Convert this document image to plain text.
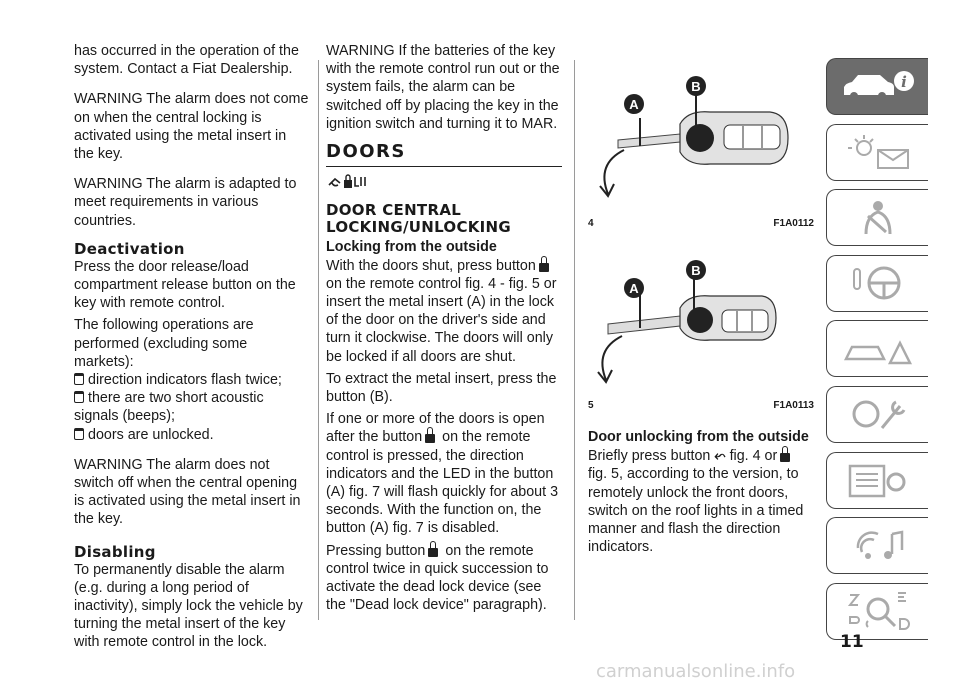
has occurred in the operation of the system. Contact a Fiat Dealership.

WARNING The alarm does not come on when the central locking is activated using the metal insert in the key.

WARNING The alarm is adapted to meet requirements in various countries.

Deactivation

Press the door release/load compartment release button on the key with remote control.

The following operations are performed (excluding some markets):

direction indicators flash twice;

there are two short acoustic signals (beeps);

doors are unlocked.

WARNING The alarm does not switch off when the central opening is activated using the metal insert in the key.

Disabling

To permanently disable the alarm (e.g. during a long period of inactivity), simply lock the vehicle by turning the metal insert of the key with remote control in the lock.

WARNING If the batteries of the key with the remote control run out or the system fails, the alarm can be switched off by placing the key in the ignition switch and turning it to MAR.

DOORS
DOOR CENTRAL LOCKING/UNLOCKING
Locking from the outside

With the doors shut, press button on the remote control fig. 4 - fig. 5 or insert the metal insert (A) in the lock of the door on the driver's side and turn it clockwise. The doors will only be locked if all doors are shut.

To extract the metal insert, press the button (B).

If one or more of the doors is open after the button on the remote control is pressed, the direction indicators and the LED in the button (A) fig. 7 will flash quickly for about 3 seconds. With the function on, the button (A) fig. 7 is disabled.

Pressing button on the remote control twice in quick succession to activate the dead lock device (see the "Dead lock device" paragraph).

A
B
4	F1A0112
A
B
5	F1A0113
Door unlocking from the outside

Briefly press button ⬿ fig. 4 or fig. 5, according to the version, to remotely unlock the front doors, switch on the roof lights in a timed manner and flash the direction indicators.

i
11
carmanualsonline.info
